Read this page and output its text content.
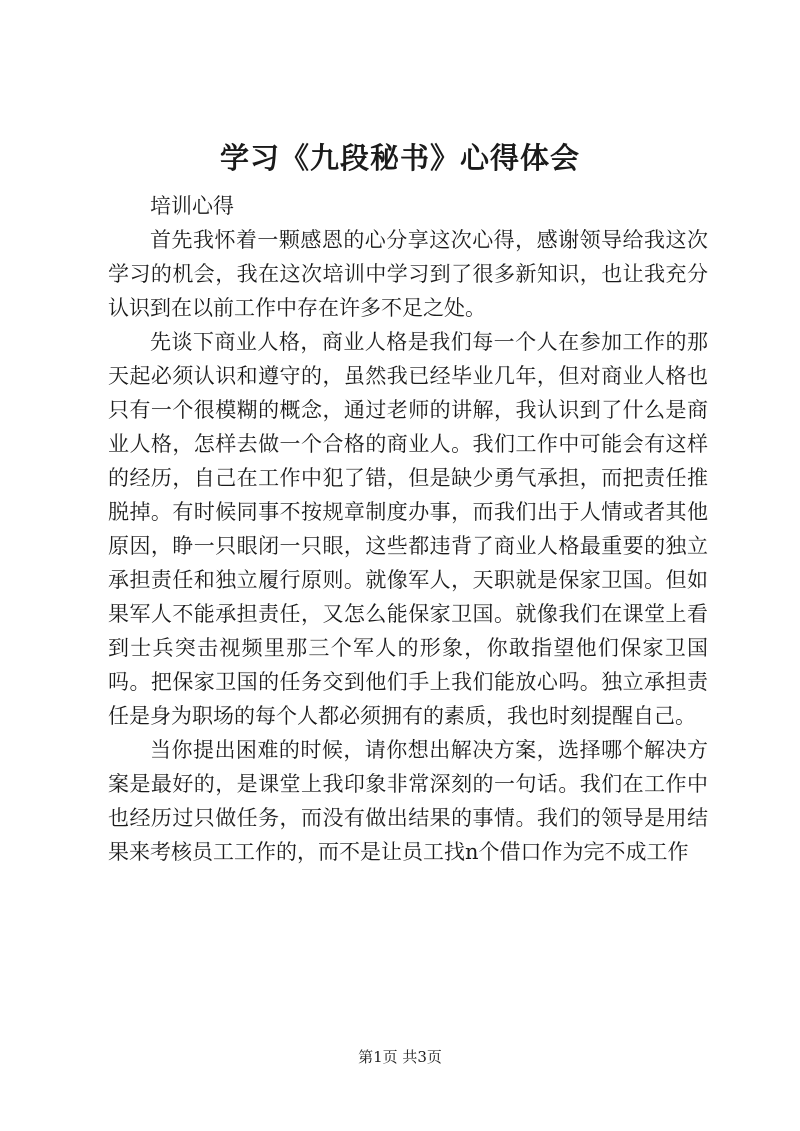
学习《九段秘书》心得体会

培训心得

首先我怀着一颗感恩的心分享这次心得，感谢领导给我这次学习的机会，我在这次培训中学习到了很多新知识，也让我充分认识到在以前工作中存在许多不足之处。

先谈下商业人格，商业人格是我们每一个人在参加工作的那天起必须认识和遵守的，虽然我已经毕业几年，但对商业人格也只有一个很模糊的概念，通过老师的讲解，我认识到了什么是商业人格，怎样去做一个合格的商业人。我们工作中可能会有这样的经历，自己在工作中犯了错，但是缺少勇气承担，而把责任推脱掉。有时候同事不按规章制度办事，而我们出于人情或者其他原因，睁一只眼闭一只眼，这些都违背了商业人格最重要的独立承担责任和独立履行原则。就像军人，天职就是保家卫国。但如果军人不能承担责任，又怎么能保家卫国。就像我们在课堂上看到士兵突击视频里那三个军人的形象，你敢指望他们保家卫国吗。把保家卫国的任务交到他们手上我们能放心吗。独立承担责任是身为职场的每个人都必须拥有的素质，我也时刻提醒自己。

当你提出困难的时候，请你想出解决方案，选择哪个解决方案是最好的，是课堂上我印象非常深刻的一句话。我们在工作中也经历过只做任务，而没有做出结果的事情。我们的领导是用结果来考核员工工作的，而不是让员工找n个借口作为完不成工作

第1页 共3页
